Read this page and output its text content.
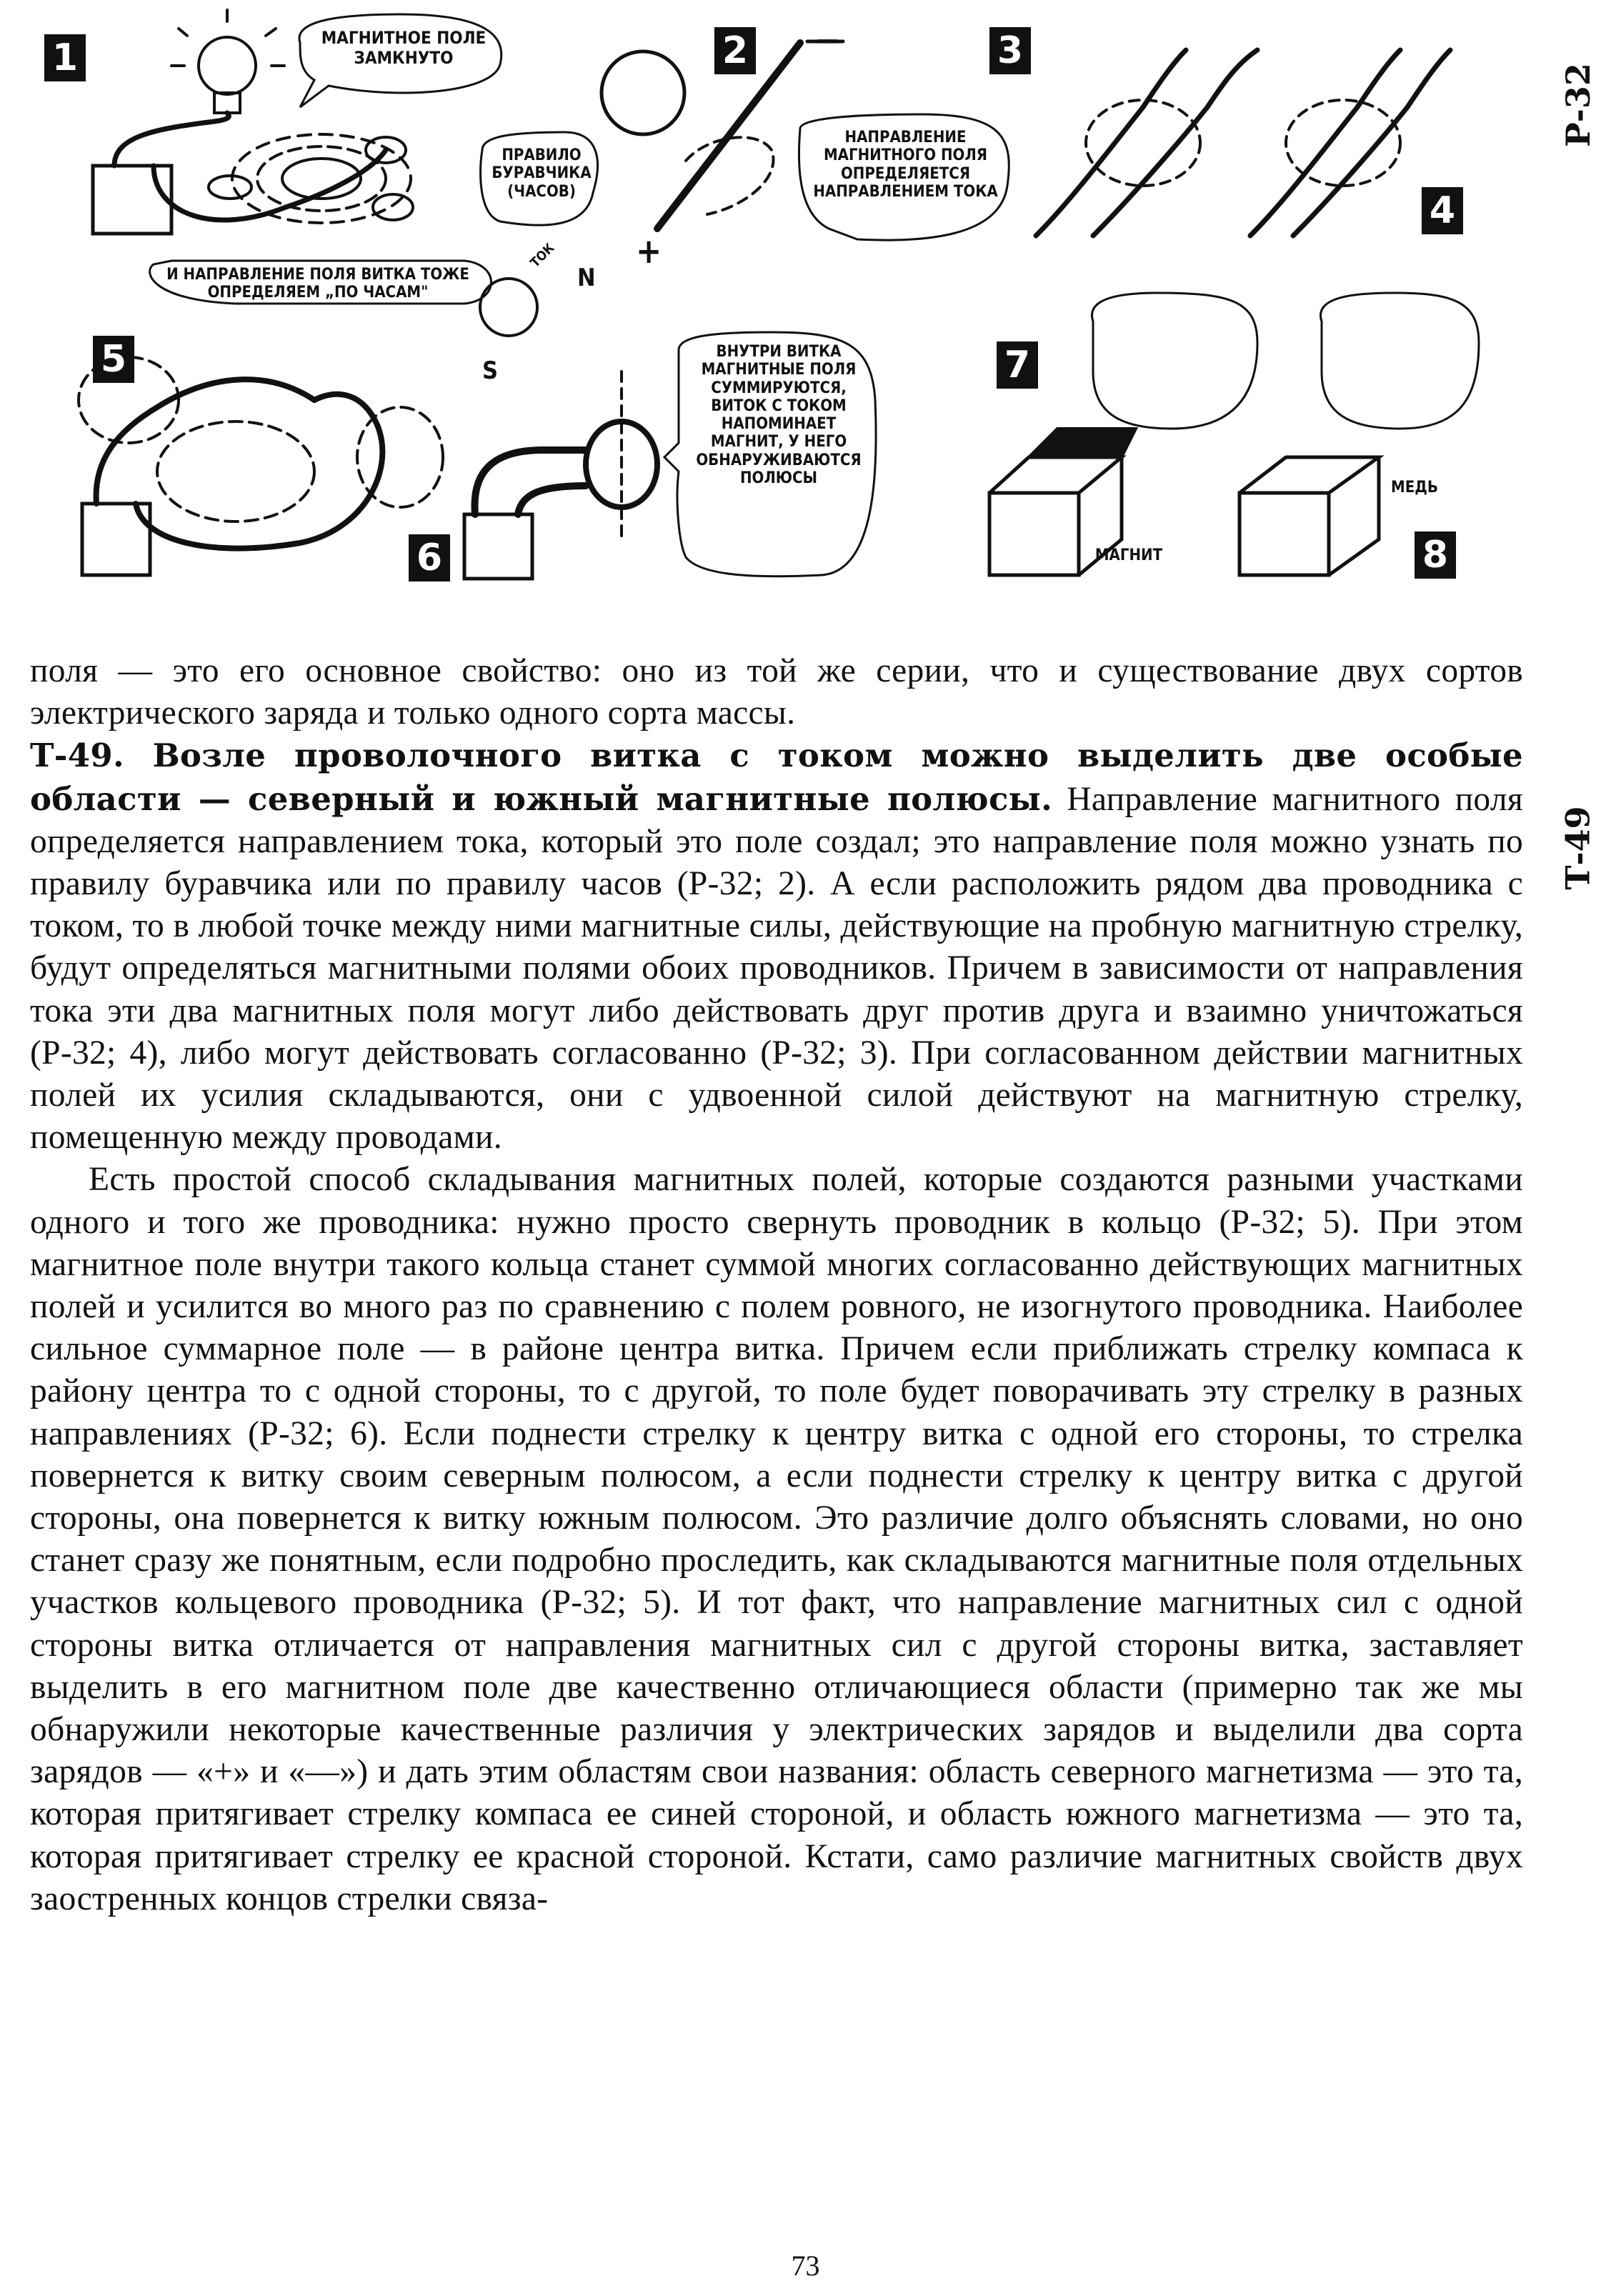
1	2	3
4
5
6
7
8
МАГНИТНОЕ ПОЛЕ ЗАМКНУТО
ПРАВИЛО БУРАВЧИКА (ЧАСОВ)
НАПРАВЛЕНИЕ МАГНИТНОГО ПОЛЯ ОПРЕДЕЛЯЕТСЯ НАПРАВЛЕНИЕМ ТОКА
И НАПРАВЛЕНИЕ ПОЛЯ ВИТКА ТОЖЕ ОПРЕДЕЛЯЕМ „ПО ЧАСАМ"
ВНУТРИ ВИТКА МАГНИТНЫЕ ПОЛЯ СУММИРУЮТСЯ, ВИТОК С ТОКОМ НАПОМИНАЕТ МАГНИТ, У НЕГО ОБНАРУЖИВАЮТСЯ ПОЛЮСЫ
МАГНИТ
МЕДЬ
ТОК +
−
N
S
Р-32
Т-49

поля — это его основное свойство: оно из той же серии, что и существование двух сортов электрического заряда и только одного сорта массы.

Т-49. Возле проволочного витка с током можно выделить две особые области — северный и южный магнитные полюсы. Направление магнитного поля определяется направлением тока, который это поле создал; это направление поля можно узнать по правилу буравчика или по правилу часов (Р-32; 2). А если расположить рядом два проводника с током, то в любой точке между ними магнитные силы, действующие на пробную магнитную стрелку, будут определяться магнитными полями обоих проводников. Причем в зависимости от направления тока эти два магнитных поля могут либо действовать друг против друга и взаимно уничтожаться (Р-32; 4), либо могут действовать согласованно (Р-32; 3). При согласованном действии магнитных полей их усилия складываются, они с удвоенной силой действуют на магнитную стрелку, помещенную между проводами.

Есть простой способ складывания магнитных полей, которые создаются разными участками одного и того же проводника: нужно просто свернуть проводник в кольцо (Р-32; 5). При этом магнитное поле внутри такого кольца станет суммой многих согласованно действующих магнитных полей и усилится во много раз по сравнению с полем ровного, не изогнутого проводника. Наиболее сильное суммарное поле — в районе центра витка. Причем если приближать стрелку компаса к району центра то с одной стороны, то с другой, то поле будет поворачивать эту стрелку в разных направлениях (Р-32; 6). Если поднести стрелку к центру витка с одной его стороны, то стрелка повернется к витку своим северным полюсом, а если поднести стрелку к центру витка с другой стороны, она повернется к витку южным полюсом. Это различие долго объяснять словами, но оно станет сразу же понятным, если подробно проследить, как складываются магнитные поля отдельных участков кольцевого проводника (Р-32; 5). И тот факт, что направление магнитных сил с одной стороны витка отличается от направления магнитных сил с другой стороны витка, заставляет выделить в его магнитном поле две качественно отличающиеся области (примерно так же мы обнаружили некоторые качественные различия у электрических зарядов и выделили два сорта зарядов — «+» и «—») и дать этим областям свои названия: область северного магнетизма — это та, которая притягивает стрелку компаса ее синей стороной, и область южного магнетизма — это та, которая притягивает стрелку ее красной стороной. Кстати, само различие магнитных свойств двух заостренных концов стрелки связа-

73
